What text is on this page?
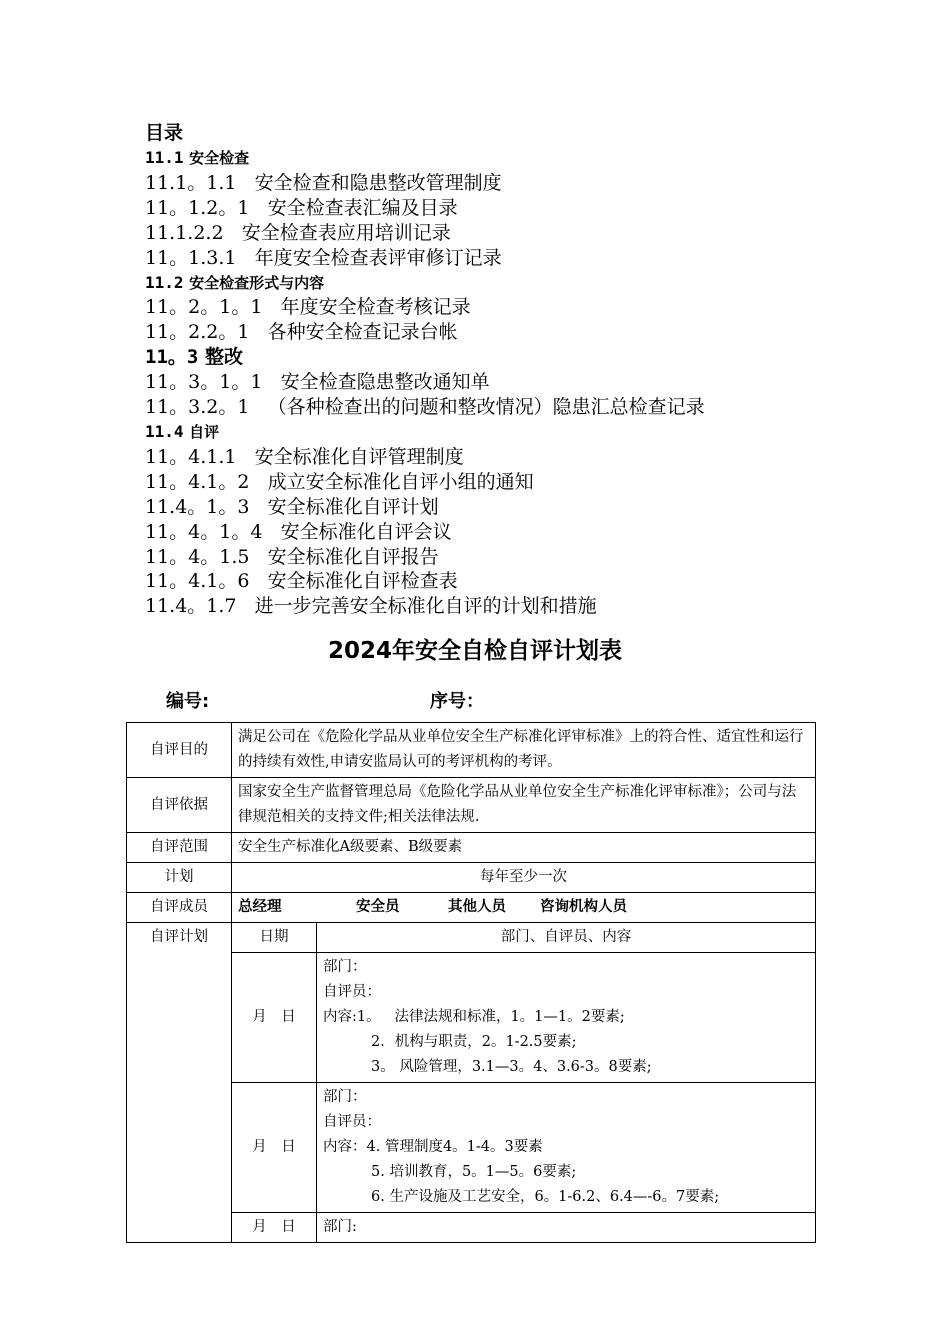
目录
11.1 安全检查
11.1。1.1 安全检查和隐患整改管理制度
11。1.2。1 安全检查表汇编及目录
11.1.2.2 安全检查表应用培训记录
11。1.3.1 年度安全检查表评审修订记录
11.2 安全检查形式与内容
11。2。1。1 年度安全检查考核记录
11。2.2。1 各种安全检查记录台帐
11。3 整改
11。3。1。1 安全检查隐患整改通知单
11。3.2。1 （各种检查出的问题和整改情况）隐患汇总检查记录
11.4 自评
11。4.1.1 安全标准化自评管理制度
11。4.1。2 成立安全标准化自评小组的通知
11.4。1。3 安全标准化自评计划
11。4。1。4 安全标准化自评会议
11。4。1.5 安全标准化自评报告
11。4.1。6 安全标准化自评检查表
11.4。1.7 进一步完善安全标准化自评的计划和措施
2024年安全自检自评计划表
编号:	序号：
自评目的	满足公司在《危险化学品从业单位安全生产标准化评审标准》上的符合性、适宜性和运行的持续有效性,申请安监局认可的考评机构的考评。	
自评依据	国家安全生产监督管理总局《危险化学品从业单位安全生产标准化评审标准》；公司与法律规范相关的支持文件;相关法律法规.	
自评范围	安全生产标准化A级要素、B级要素	
计划	每年至少一次	
自评成员	总经理 安全员 其他人员 咨询机构人员	
自评计划	日期	部门、自评员、内容
	月　日	部门：
自评员：
内容:1。 法律法规和标准，1。1—1。2要素;
2．机构与职责，2。1-2.5要素;
3。 风险管理，3.1—3。4、3.6-3。8要素;

	月　日	部门：
自评员：
内容：4. 管理制度4。1-4。3要素
5. 培训教育，5。1—5。6要素;
6. 生产设施及工艺安全，6。1-6.2、6.4—-6。7要素;

	月　日	部门:
